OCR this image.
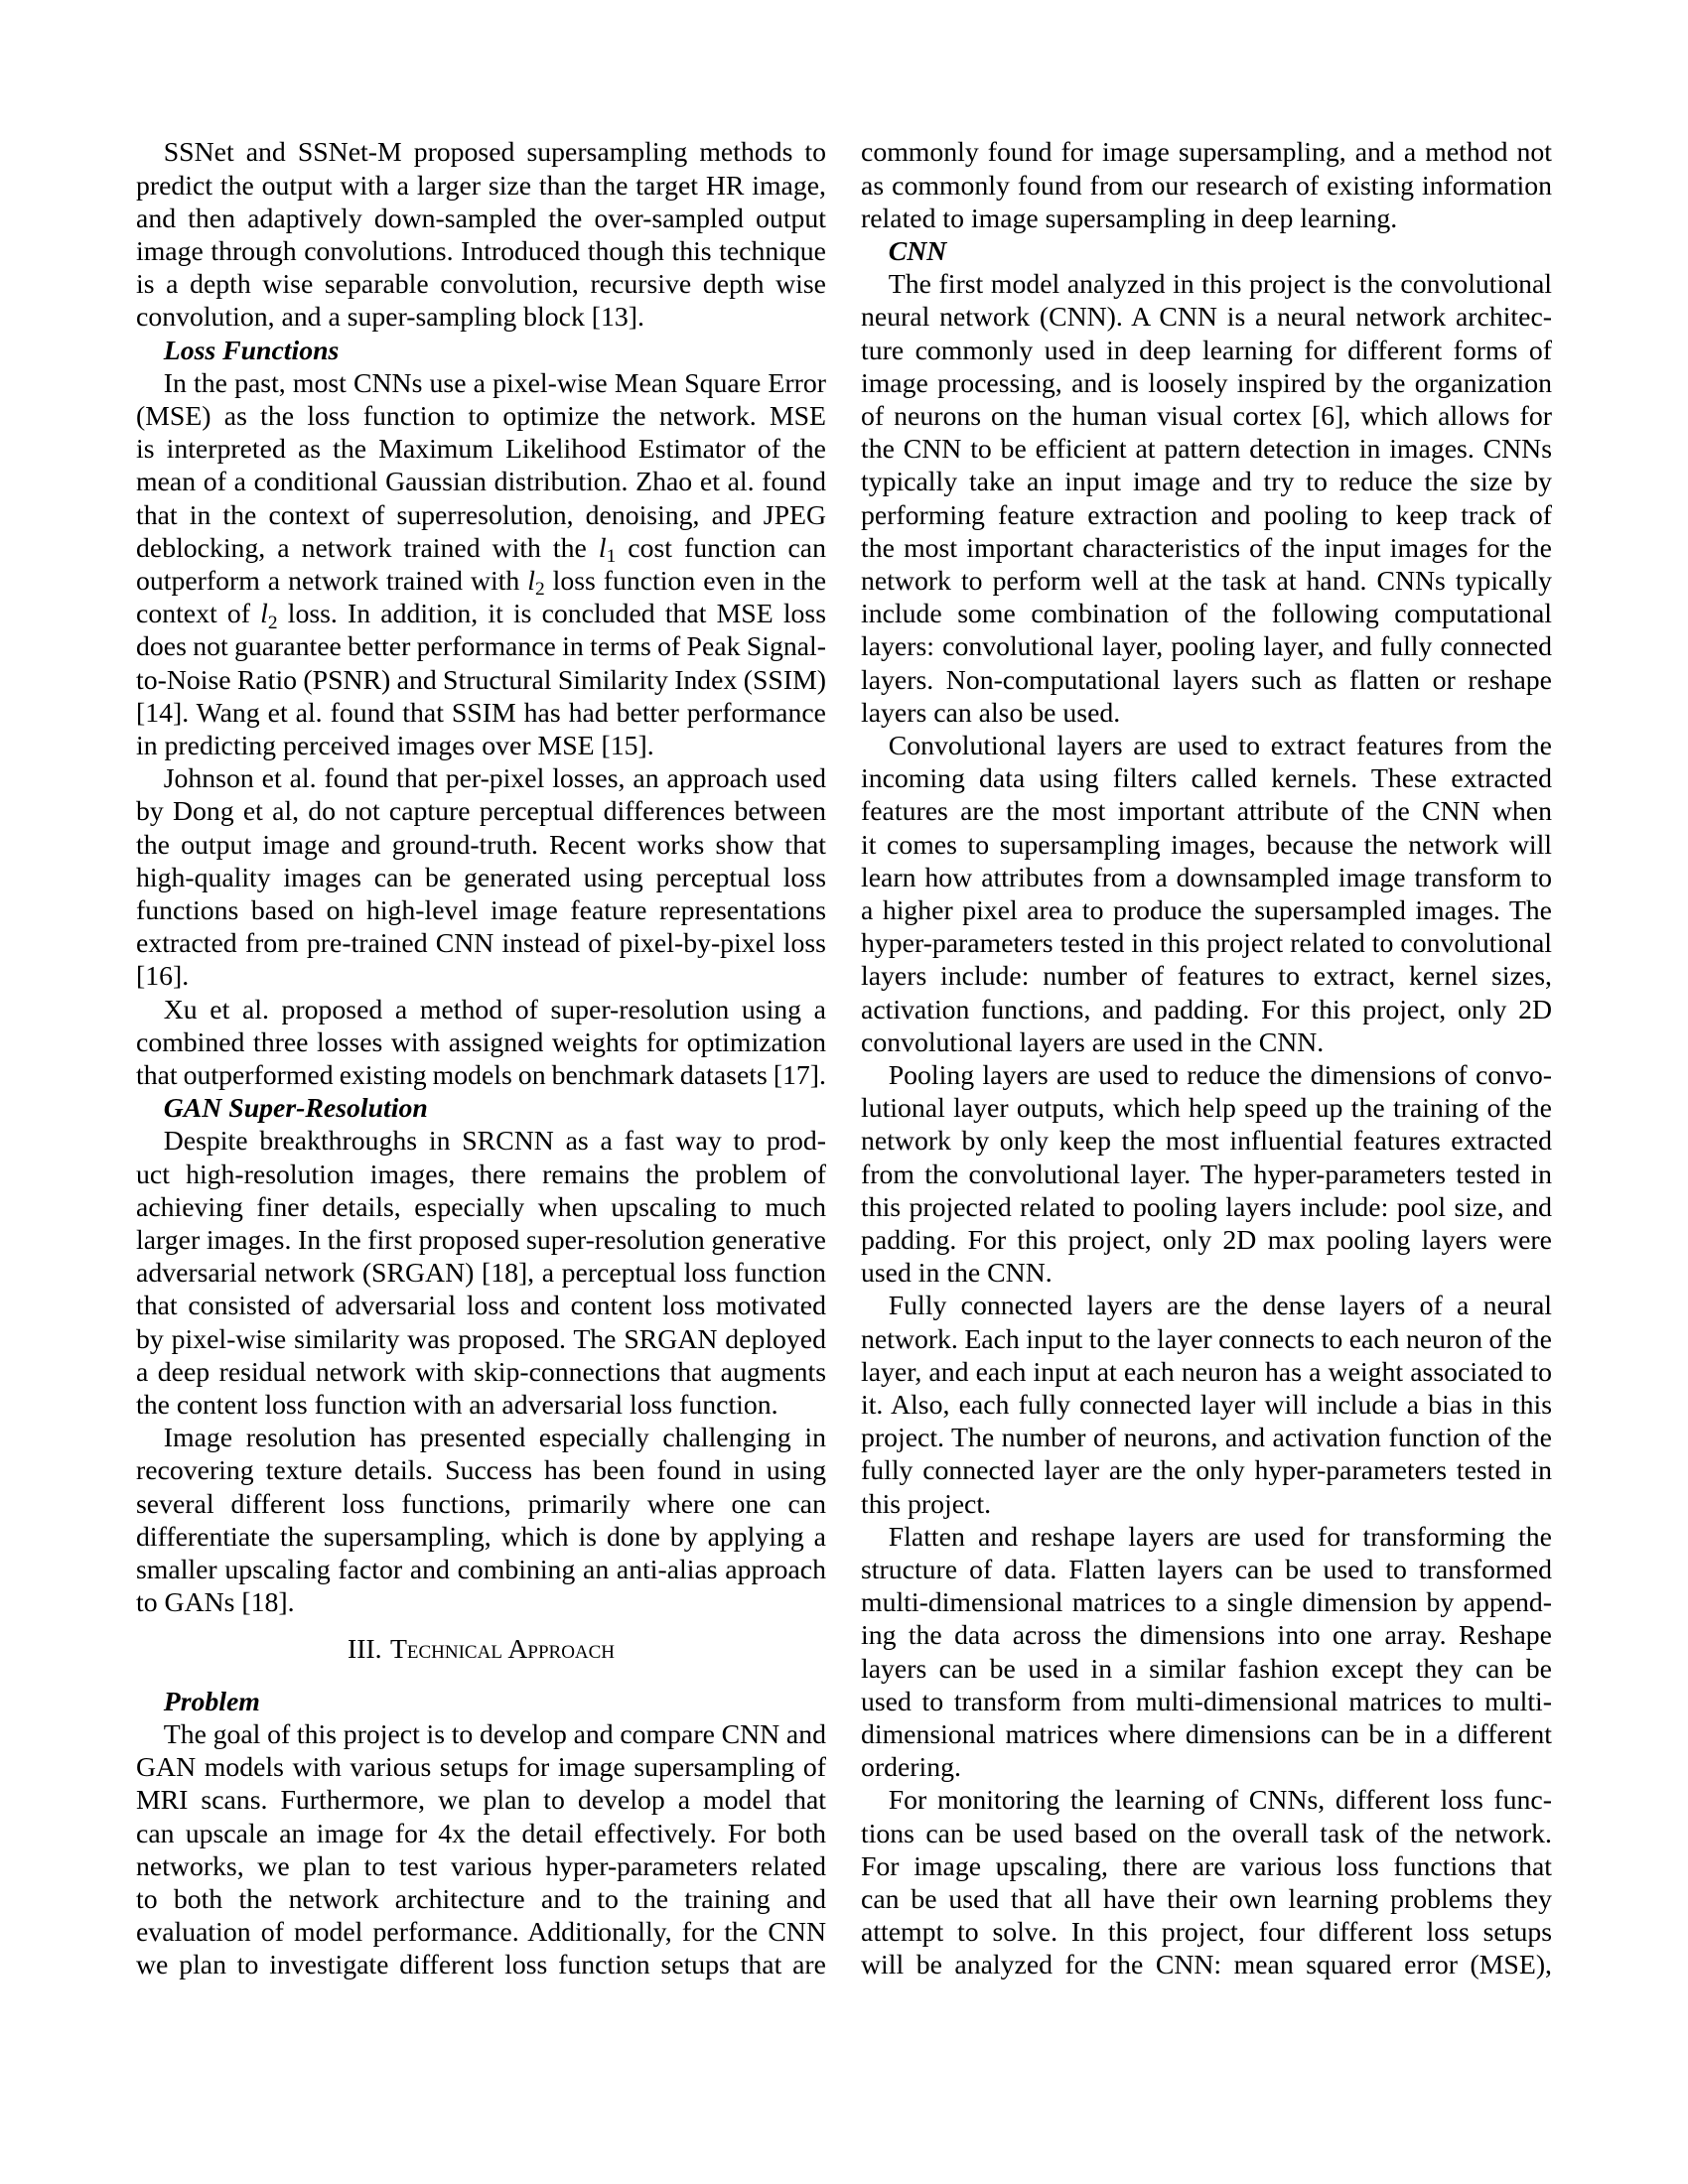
SSNet and SSNet-M proposed supersampling methods to
predict the output with a larger size than the target HR image,
and then adaptively down-sampled the over-sampled output
image through convolutions. Introduced though this technique
is a depth wise separable convolution, recursive depth wise
convolution, and a super-sampling block [13].
Loss Functions
In the past, most CNNs use a pixel-wise Mean Square Error
(MSE) as the loss function to optimize the network. MSE
is interpreted as the Maximum Likelihood Estimator of the
mean of a conditional Gaussian distribution. Zhao et al. found
that in the context of superresolution, denoising, and JPEG
deblocking, a network trained with the l1 cost function can
outperform a network trained with l2 loss function even in the
context of l2 loss. In addition, it is concluded that MSE loss
does not guarantee better performance in terms of Peak Signal-
to-Noise Ratio (PSNR) and Structural Similarity Index (SSIM)
[14]. Wang et al. found that SSIM has had better performance
in predicting perceived images over MSE [15].
Johnson et al. found that per-pixel losses, an approach used
by Dong et al, do not capture perceptual differences between
the output image and ground-truth. Recent works show that
high-quality images can be generated using perceptual loss
functions based on high-level image feature representations
extracted from pre-trained CNN instead of pixel-by-pixel loss
[16].
Xu et al. proposed a method of super-resolution using a
combined three losses with assigned weights for optimization
that outperformed existing models on benchmark datasets [17].
GAN Super-Resolution
Despite breakthroughs in SRCNN as a fast way to prod-
uct high-resolution images, there remains the problem of
achieving finer details, especially when upscaling to much
larger images. In the first proposed super-resolution generative
adversarial network (SRGAN) [18], a perceptual loss function
that consisted of adversarial loss and content loss motivated
by pixel-wise similarity was proposed. The SRGAN deployed
a deep residual network with skip-connections that augments
the content loss function with an adversarial loss function.
Image resolution has presented especially challenging in
recovering texture details. Success has been found in using
several different loss functions, primarily where one can
differentiate the supersampling, which is done by applying a
smaller upscaling factor and combining an anti-alias approach
to GANs [18].
III. Technical Approach
Problem
The goal of this project is to develop and compare CNN and
GAN models with various setups for image supersampling of
MRI scans. Furthermore, we plan to develop a model that
can upscale an image for 4x the detail effectively. For both
networks, we plan to test various hyper-parameters related
to both the network architecture and to the training and
evaluation of model performance. Additionally, for the CNN
we plan to investigate different loss function setups that are
commonly found for image supersampling, and a method not
as commonly found from our research of existing information
related to image supersampling in deep learning.
CNN
The first model analyzed in this project is the convolutional
neural network (CNN). A CNN is a neural network architec-
ture commonly used in deep learning for different forms of
image processing, and is loosely inspired by the organization
of neurons on the human visual cortex [6], which allows for
the CNN to be efficient at pattern detection in images. CNNs
typically take an input image and try to reduce the size by
performing feature extraction and pooling to keep track of
the most important characteristics of the input images for the
network to perform well at the task at hand. CNNs typically
include some combination of the following computational
layers: convolutional layer, pooling layer, and fully connected
layers. Non-computational layers such as flatten or reshape
layers can also be used.
Convolutional layers are used to extract features from the
incoming data using filters called kernels. These extracted
features are the most important attribute of the CNN when
it comes to supersampling images, because the network will
learn how attributes from a downsampled image transform to
a higher pixel area to produce the supersampled images. The
hyper-parameters tested in this project related to convolutional
layers include: number of features to extract, kernel sizes,
activation functions, and padding. For this project, only 2D
convolutional layers are used in the CNN.
Pooling layers are used to reduce the dimensions of convo-
lutional layer outputs, which help speed up the training of the
network by only keep the most influential features extracted
from the convolutional layer. The hyper-parameters tested in
this projected related to pooling layers include: pool size, and
padding. For this project, only 2D max pooling layers were
used in the CNN.
Fully connected layers are the dense layers of a neural
network. Each input to the layer connects to each neuron of the
layer, and each input at each neuron has a weight associated to
it. Also, each fully connected layer will include a bias in this
project. The number of neurons, and activation function of the
fully connected layer are the only hyper-parameters tested in
this project.
Flatten and reshape layers are used for transforming the
structure of data. Flatten layers can be used to transformed
multi-dimensional matrices to a single dimension by append-
ing the data across the dimensions into one array. Reshape
layers can be used in a similar fashion except they can be
used to transform from multi-dimensional matrices to multi-
dimensional matrices where dimensions can be in a different
ordering.
For monitoring the learning of CNNs, different loss func-
tions can be used based on the overall task of the network.
For image upscaling, there are various loss functions that
can be used that all have their own learning problems they
attempt to solve. In this project, four different loss setups
will be analyzed for the CNN: mean squared error (MSE),
